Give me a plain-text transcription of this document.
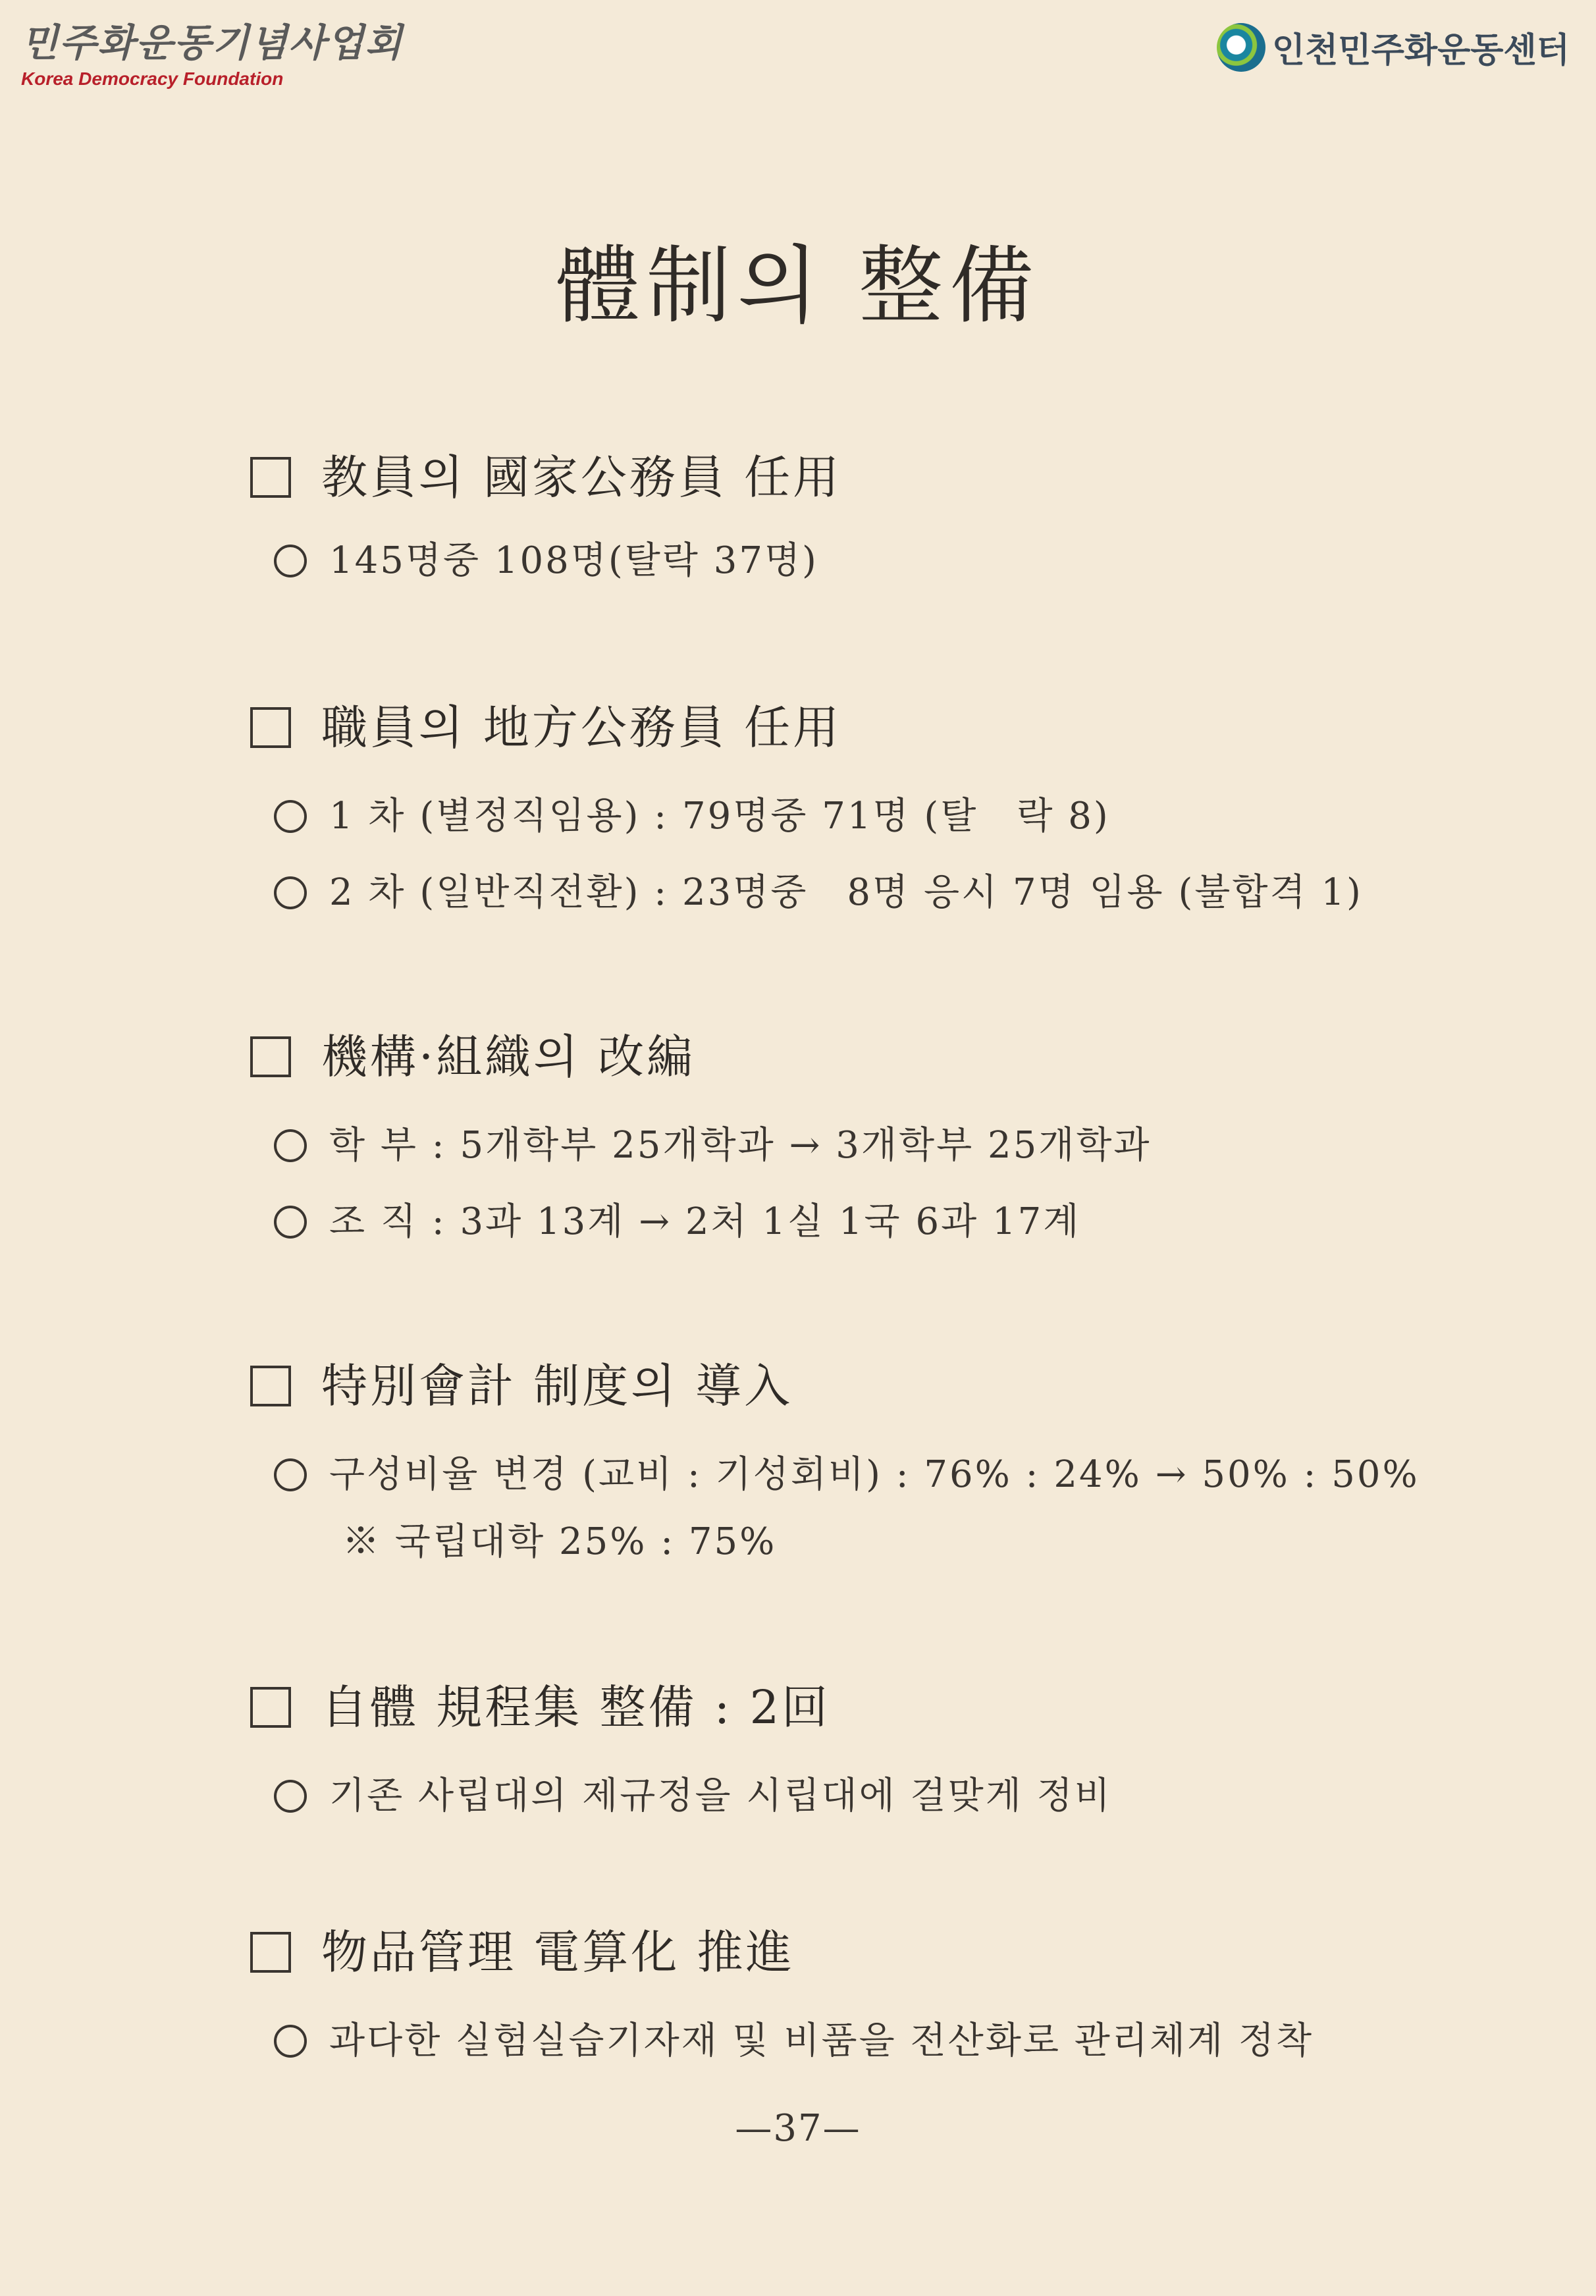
민주화운동기념사업회
Korea Democracy Foundation
인천민주화운동센터
體制의 整備
教員의 國家公務員 任用
145명중 108명(탈락 37명)
職員의 地方公務員 任用
1 차 (별정직임용) : 79명중 71명 (탈　락 8)
2 차 (일반직전환) : 23명중　8명 응시 7명 임용 (불합격 1)
機構·組織의 改編
학 부 : 5개학부 25개학과 → 3개학부 25개학과
조 직 : 3과 13계 → 2처 1실 1국 6과 17계
特別會計 制度의 導入
구성비율 변경 (교비 : 기성회비) : 76% : 24% → 50% : 50%
※ 국립대학 25% : 75%
自體 規程集 整備 : 2回
기존 사립대의 제규정을 시립대에 걸맞게 정비
物品管理 電算化 推進
과다한 실험실습기자재 및 비품을 전산화로 관리체계 정착
—37—
